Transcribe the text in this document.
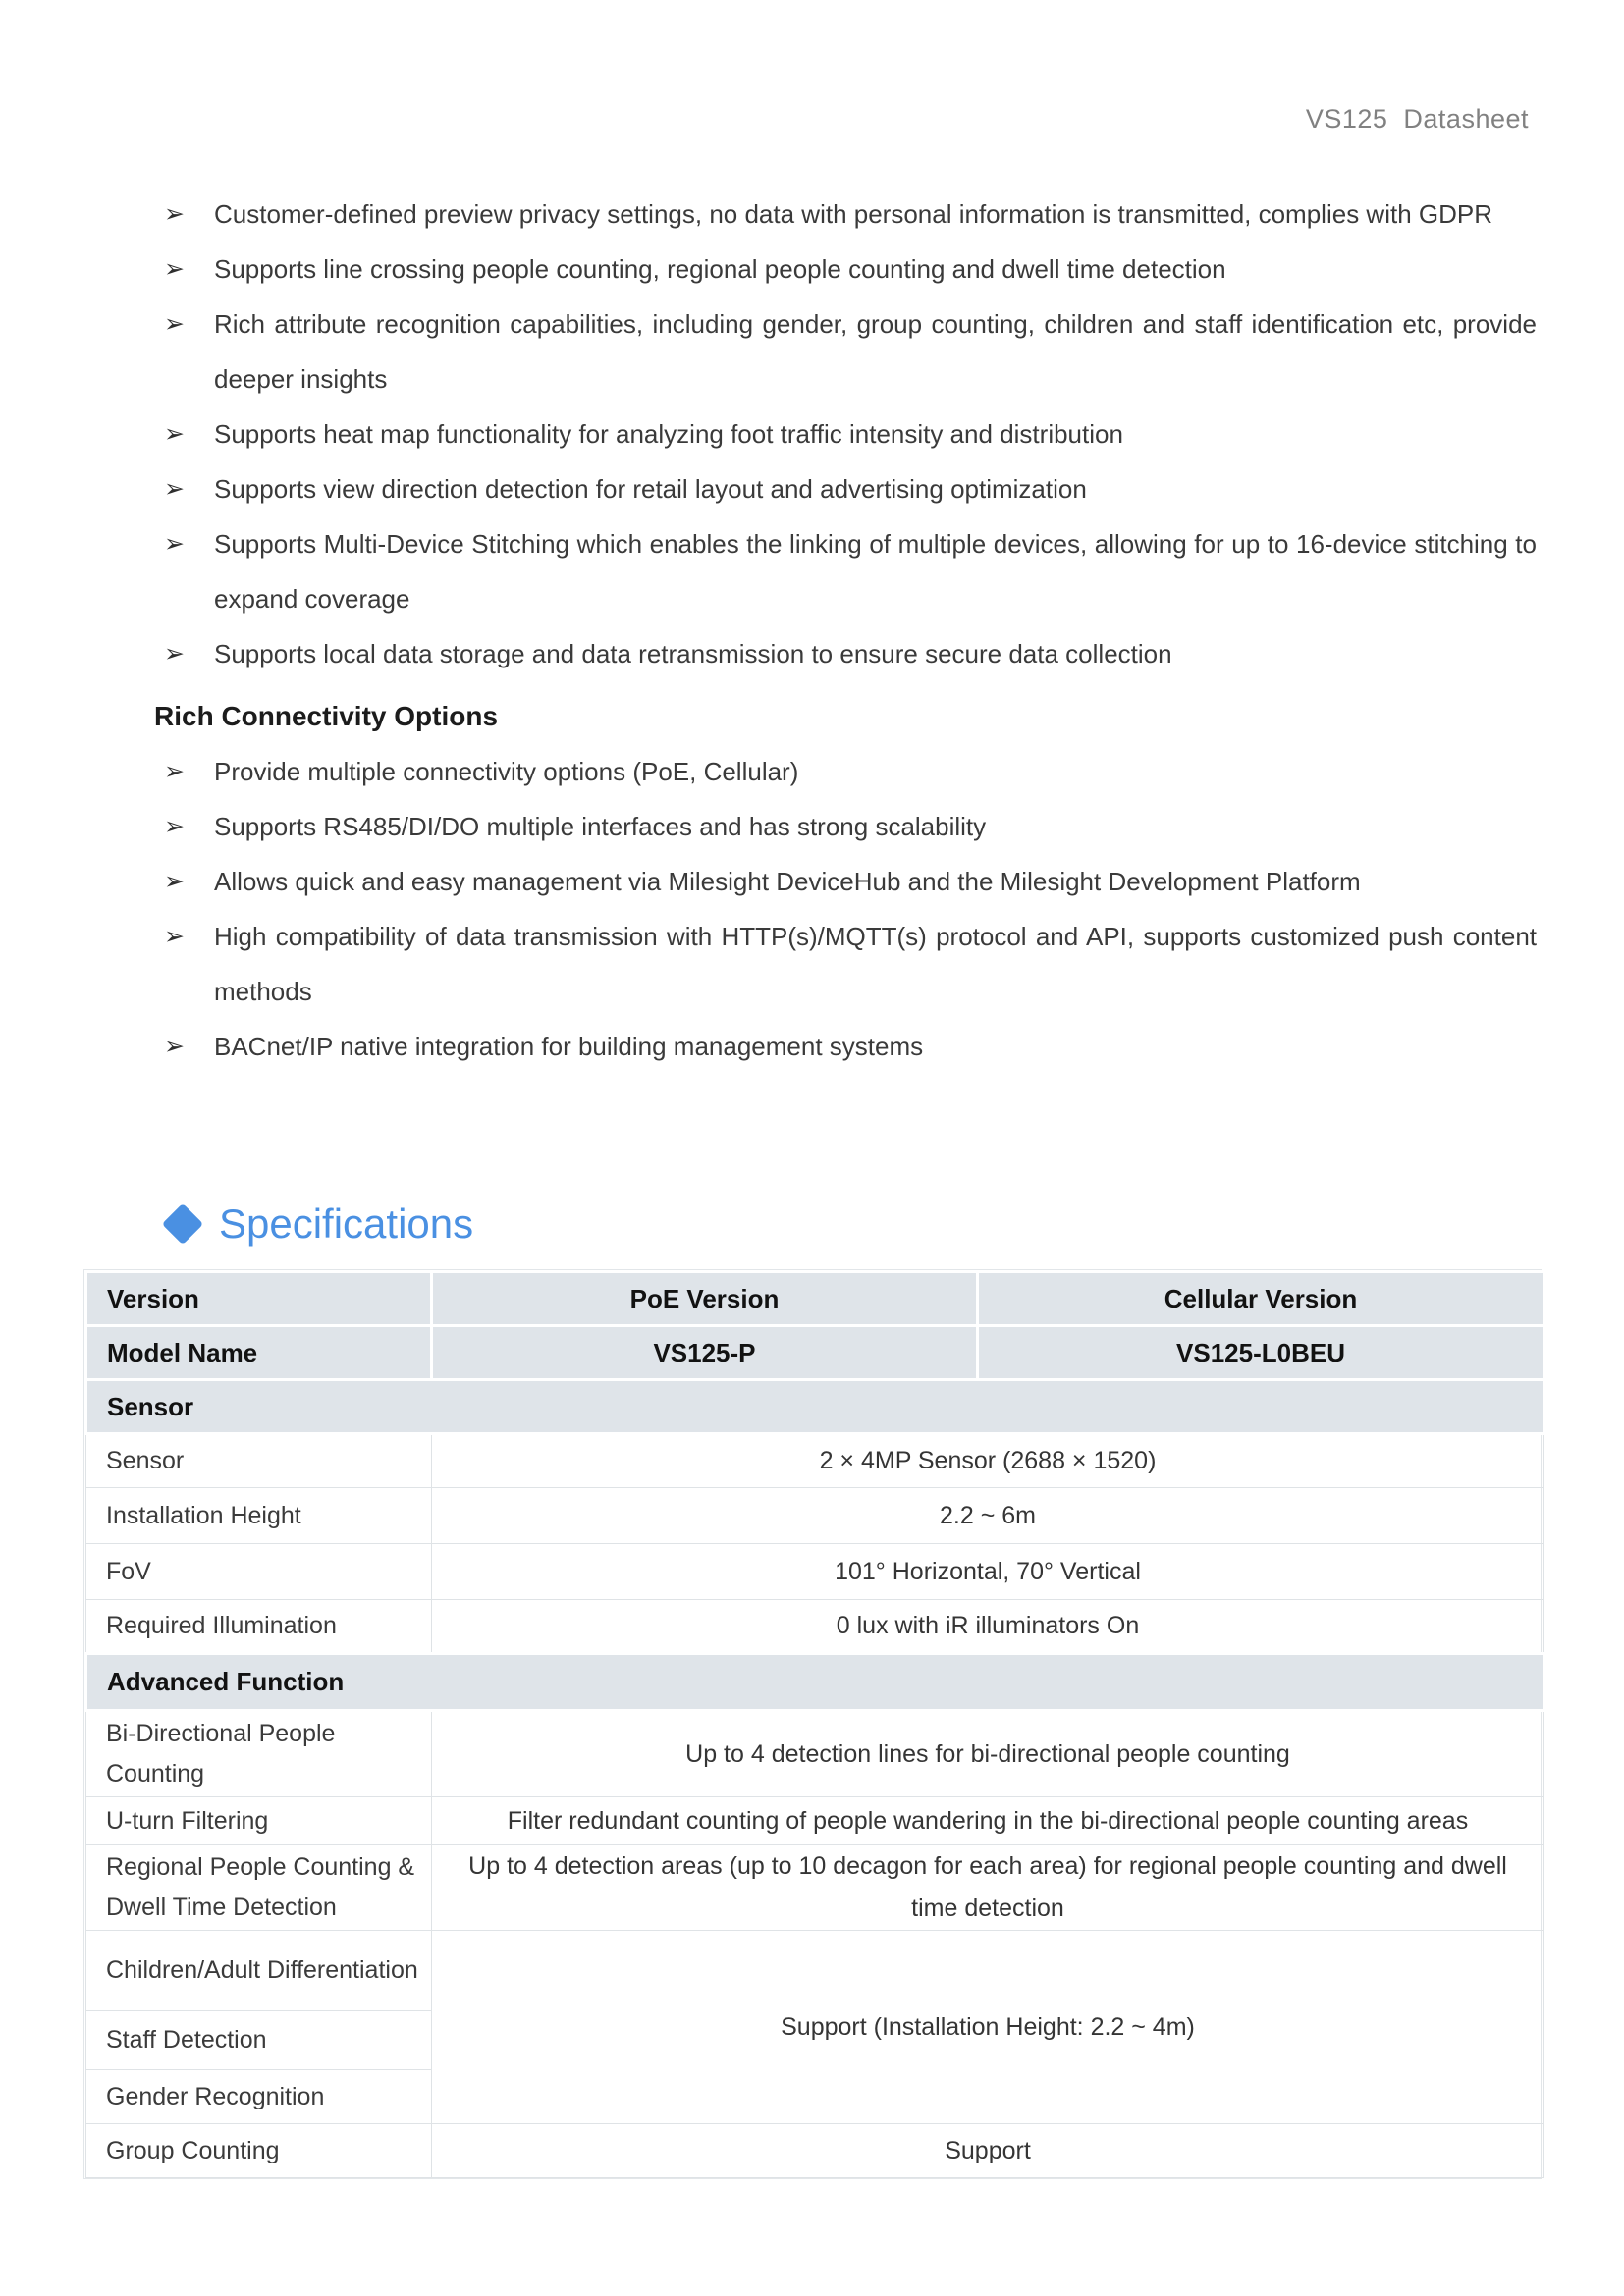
VS125  Datasheet
➢ Customer-defined preview privacy settings, no data with personal information is transmitted, complies with GDPR
➢ Supports line crossing people counting, regional people counting and dwell time detection
➢ Rich attribute recognition capabilities, including gender, group counting, children and staff identification etc, provide deeper insights
➢ Supports heat map functionality for analyzing foot traffic intensity and distribution
➢ Supports view direction detection for retail layout and advertising optimization
➢ Supports Multi-Device Stitching which enables the linking of multiple devices, allowing for up to 16-device stitching to expand coverage
➢ Supports local data storage and data retransmission to ensure secure data collection
Rich Connectivity Options
➢ Provide multiple connectivity options (PoE, Cellular)
➢ Supports RS485/DI/DO multiple interfaces and has strong scalability
➢ Allows quick and easy management via Milesight DeviceHub and the Milesight Development Platform
➢ High compatibility of data transmission with HTTP(s)/MQTT(s) protocol and API, supports customized push content methods
➢ BACnet/IP native integration for building management systems
Specifications
Version	PoE Version	Cellular Version
Model Name	VS125-P	VS125-L0BEU
Sensor		
Sensor	2 × 4MP Sensor (2688 × 1520)	
Installation Height	2.2 ~ 6m	
FoV	101° Horizontal, 70° Vertical	
Required Illumination	0 lux with iR illuminators On	
Advanced Function		
Bi-Directional People Counting	Up to 4 detection lines for bi-directional people counting	
U-turn Filtering	Filter redundant counting of people wandering in the bi-directional people counting areas	
Regional People Counting & Dwell Time Detection	Up to 4 detection areas (up to 10 decagon for each area) for regional people counting and dwell time detection	
Children/Adult Differentiation	Support (Installation Height: 2.2 ~ 4m)	
Staff Detection		
Gender Recognition		
Group Counting	Support	
